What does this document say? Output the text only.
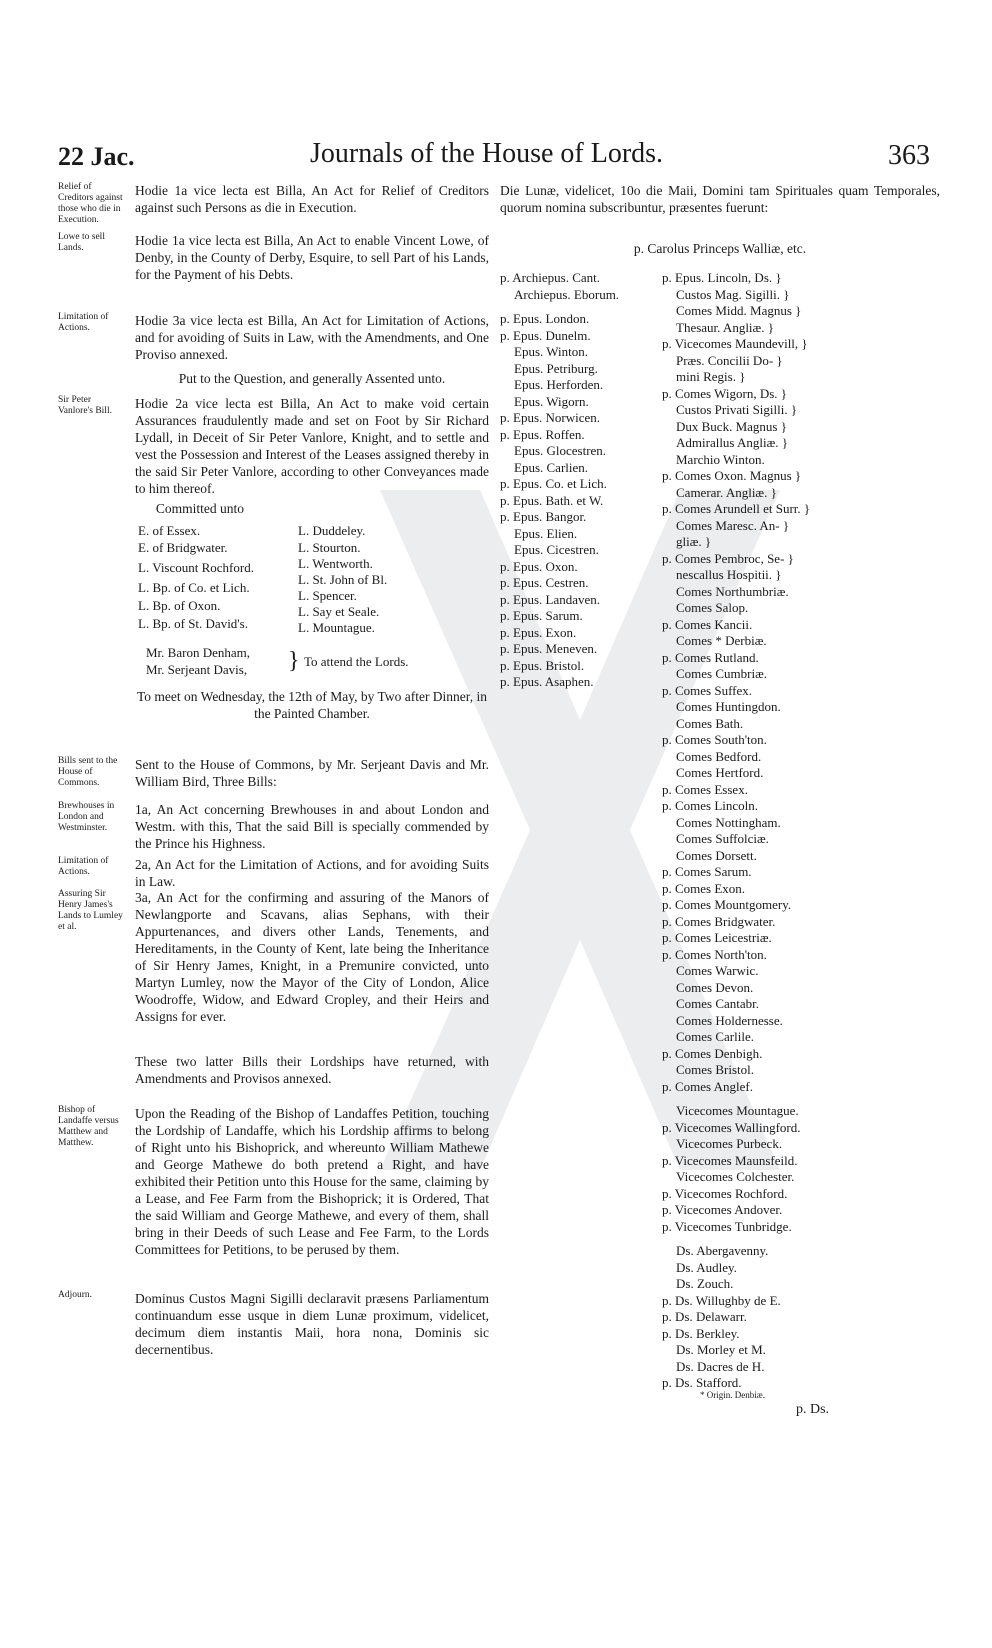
22 Jac.	Journals of the House of Lords.	363
Relief of Creditors against those who die in Execution.
Lowe to sell Lands.
Limitation of Actions.
Sir Peter Vanlore's Bill.
Bills sent to the House of Commons.
Brewhouses in London and Westminster.
Limitation of Actions.
Assuring Sir Henry James's Lands to Lumley et al.
Bishop of Landaffe versus Matthew and Matthew.
Adjourn.
Hodie 1a vice lecta est Billa, An Act for Relief of Creditors against such Persons as die in Execution.
Hodie 1a vice lecta est Billa, An Act to enable Vincent Lowe, of Denby, in the County of Derby, Esquire, to sell Part of his Lands, for the Payment of his Debts.
Hodie 3a vice lecta est Billa, An Act for Limitation of Actions, and for avoiding of Suits in Law, with the Amendments, and One Proviso annexed.
Put to the Question, and generally Assented unto.
Hodie 2a vice lecta est Billa, An Act to make void certain Assurances fraudulently made and set on Foot by Sir Richard Lydall, in Deceit of Sir Peter Vanlore, Knight, and to settle and vest the Possession and Interest of the Leases assigned thereby in the said Sir Peter Vanlore, according to other Conveyances made to him thereof.
Committed unto
E. of Essex.
E. of Bridgwater.
L. Viscount Rochford.
L. Bp. of Co. et Lich.
L. Bp. of Oxon.
L. Bp. of St. David's.
L. Duddeley.
L. Stourton.
L. Wentworth.
L. St. John of Bl.
L. Spencer.
L. Say et Seale.
L. Mountague.
Mr. Baron Denham,
Mr. Serjeant Davis, } To attend the Lords.
To meet on Wednesday, the 12th of May, by Two after Dinner, in the Painted Chamber.
Sent to the House of Commons, by Mr. Serjeant Davis and Mr. William Bird, Three Bills:
1a, An Act concerning Brewhouses in and about London and Westm. with this, That the said Bill is specially commended by the Prince his Highness.
2a, An Act for the Limitation of Actions, and for avoiding Suits in Law.
3a, An Act for the confirming and assuring of the Manors of Newlangporte and Scavans, alias Sephans, with their Appurtenances, and divers other Lands, Tenements, and Hereditaments, in the County of Kent, late being the Inheritance of Sir Henry James, Knight, in a Premunire convicted, unto Martyn Lumley, now the Mayor of the City of London, Alice Woodroffe, Widow, and Edward Cropley, and their Heirs and Assigns for ever.
These two latter Bills their Lordships have returned, with Amendments and Provisos annexed.
Upon the Reading of the Bishop of Landaffes Petition, touching the Lordship of Landaffe, which his Lordship affirms to belong of Right unto his Bishoprick, and whereunto William Mathewe and George Mathewe do both pretend a Right, and have exhibited their Petition unto this House for the same, claiming by a Lease, and Fee Farm from the Bishoprick; it is Ordered, That the said William and George Mathewe, and every of them, shall bring in their Deeds of such Lease and Fee Farm, to the Lords Committees for Petitions, to be perused by them.
Dominus Custos Magni Sigilli declaravit præsens Parliamentum continuandum esse usque in diem Lunæ proximum, videlicet, decimum diem instantis Maii, hora nona, Dominis sic decernentibus.
Die Lunæ, videlicet, 10o die Maii, Domini tam Spirituales quam Temporales, quorum nomina subscribuntur, præsentes fuerunt:
p. Carolus Princeps Walliæ, etc.
p. Archiepus. Cant.
Archiepus. Eborum.
p. Epus. London.
p. Epus. Dunelm.
Epus. Winton.
Epus. Petriburg.
Epus. Herforden.
Epus. Wigorn.
p. Epus. Norwicen.
p. Epus. Roffen.
Epus. Glocestren.
Epus. Carlien.
p. Epus. Co. et Lich.
p. Epus. Bath. et W.
p. Epus. Bangor.
Epus. Elien.
Epus. Cicestren.
p. Epus. Oxon.
p. Epus. Cestren.
p. Epus. Landaven.
p. Epus. Sarum.
p. Epus. Exon.
p. Epus. Meneven.
p. Epus. Bristol.
p. Epus. Asaphen.
p. Epus. Lincoln, Ds. }
Custos Mag. Sigilli. }
Comes Midd. Magnus }
Thesaur. Angliæ. }
p. Vicecomes Maundevill, }
Præs. Concilii Do- }
mini Regis. }
p. Comes Wigorn, Ds. }
Custos Privati Sigilli. }
Dux Buck. Magnus }
Admirallus Angliæ. }
Marchio Winton.
p. Comes Oxon. Magnus }
Camerar. Angliæ. }
p. Comes Arundell et Surr. }
Comes Maresc. An- }
gliæ. }
p. Comes Pembroc, Se- }
nescallus Hospitii. }
Comes Northumbriæ.
Comes Salop.
p. Comes Kancii.
Comes * Derbiæ.
p. Comes Rutland.
Comes Cumbriæ.
p. Comes Suffex.
Comes Huntingdon.
Comes Bath.
p. Comes South'ton.
Comes Bedford.
Comes Hertford.
p. Comes Essex.
p. Comes Lincoln.
Comes Nottingham.
Comes Suffolciæ.
Comes Dorsett.
p. Comes Sarum.
p. Comes Exon.
p. Comes Mountgomery.
p. Comes Bridgwater.
p. Comes Leicestriæ.
p. Comes North'ton.
Comes Warwic.
Comes Devon.
Comes Cantabr.
Comes Holdernesse.
Comes Carlile.
p. Comes Denbigh.
Comes Bristol.
p. Comes Anglef.
Vicecomes Mountague.
p. Vicecomes Wallingford.
Vicecomes Purbeck.
p. Vicecomes Maunsfeild.
Vicecomes Colchester.
p. Vicecomes Rochford.
p. Vicecomes Andover.
p. Vicecomes Tunbridge.
Ds. Abergavenny.
Ds. Audley.
Ds. Zouch.
p. Ds. Willughby de E.
p. Ds. Delawarr.
p. Ds. Berkley.
Ds. Morley et M.
Ds. Dacres de H.
p. Ds. Stafford.
* Origin. Denbiæ.
p. Ds.
